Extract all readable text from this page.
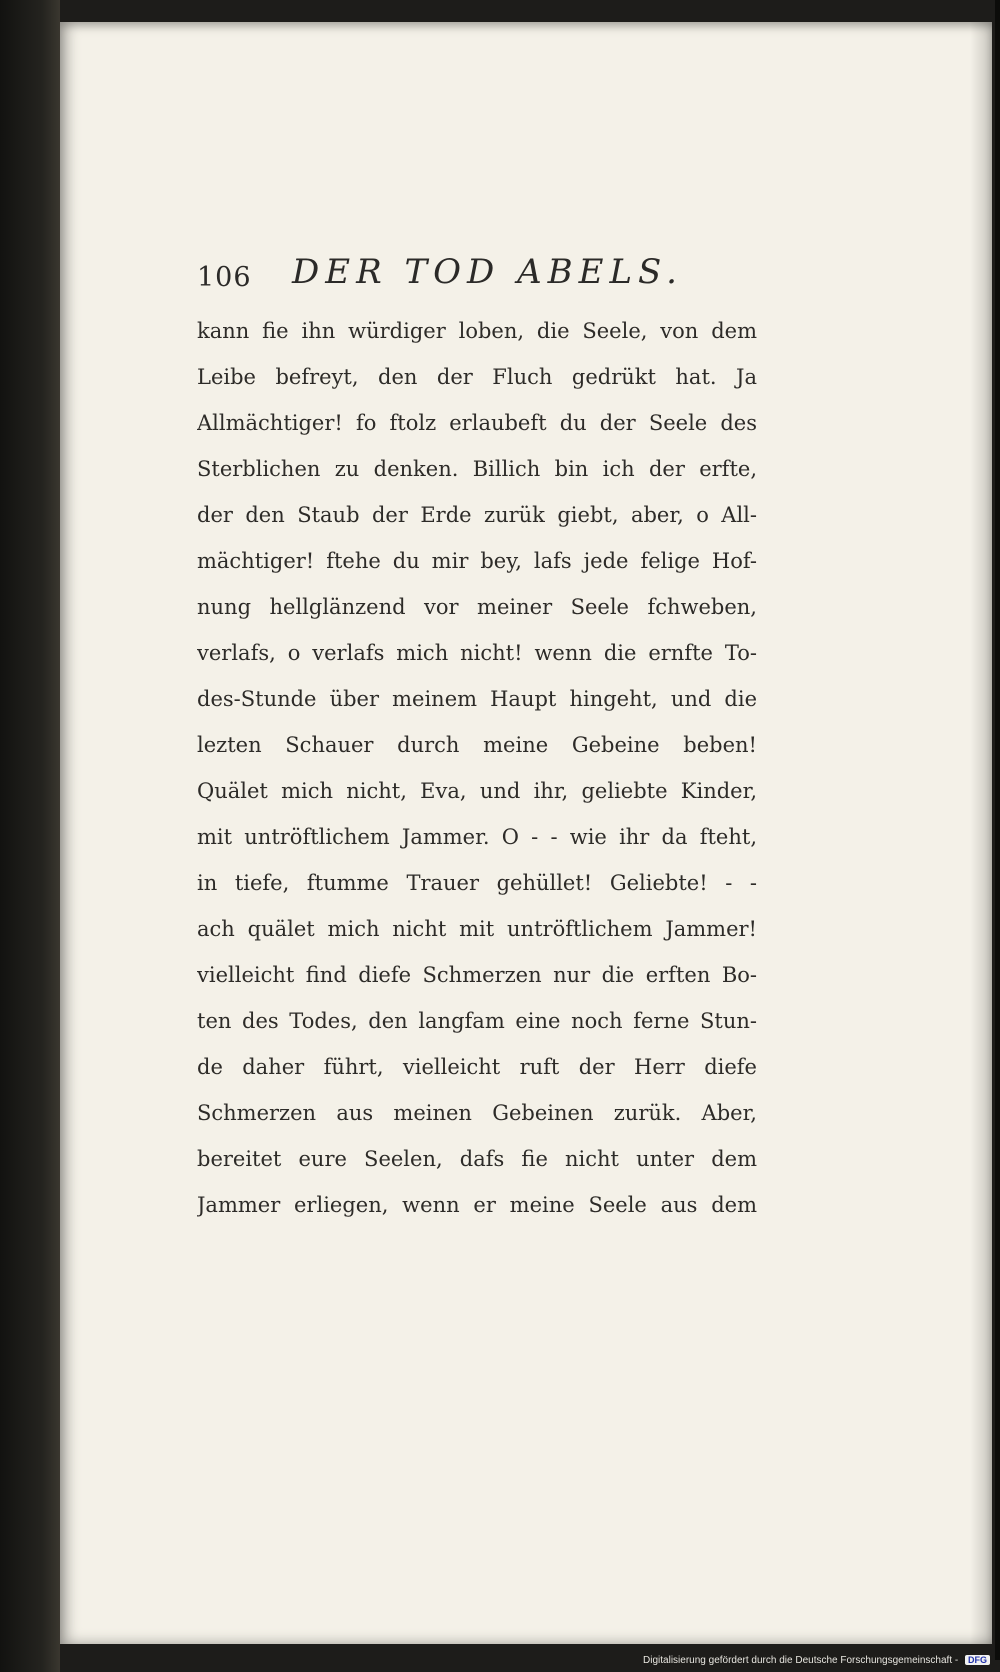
106 DER TOD ABELS.
kann fie ihn würdiger loben, die Seele, von dem
Leibe befreyt, den der Fluch gedrükt hat. Ja
Allmächtiger! fo ftolz erlaubeft du der Seele des
Sterblichen zu denken. Billich bin ich der erfte,
der den Staub der Erde zurük giebt, aber, o All-
mächtiger! ftehe du mir bey, lafs jede felige Hof-
nung hellglänzend vor meiner Seele fchweben,
verlafs, o verlafs mich nicht! wenn die ernfte To-
des-Stunde über meinem Haupt hingeht, und die
lezten Schauer durch meine Gebeine beben!
Quälet mich nicht, Eva, und ihr, geliebte Kinder,
mit untröftlichem Jammer. O - - wie ihr da fteht,
in tiefe, ftumme Trauer gehüllet! Geliebte! - -
ach quälet mich nicht mit untröftlichem Jammer!
vielleicht find diefe Schmerzen nur die erften Bo-
ten des Todes, den langfam eine noch ferne Stun-
de daher führt, vielleicht ruft der Herr diefe
Schmerzen aus meinen Gebeinen zurük. Aber,
bereitet eure Seelen, dafs fie nicht unter dem
Jammer erliegen, wenn er meine Seele aus dem
Digitalisierung gefördert durch die Deutsche Forschungsgemeinschaft - DFG
